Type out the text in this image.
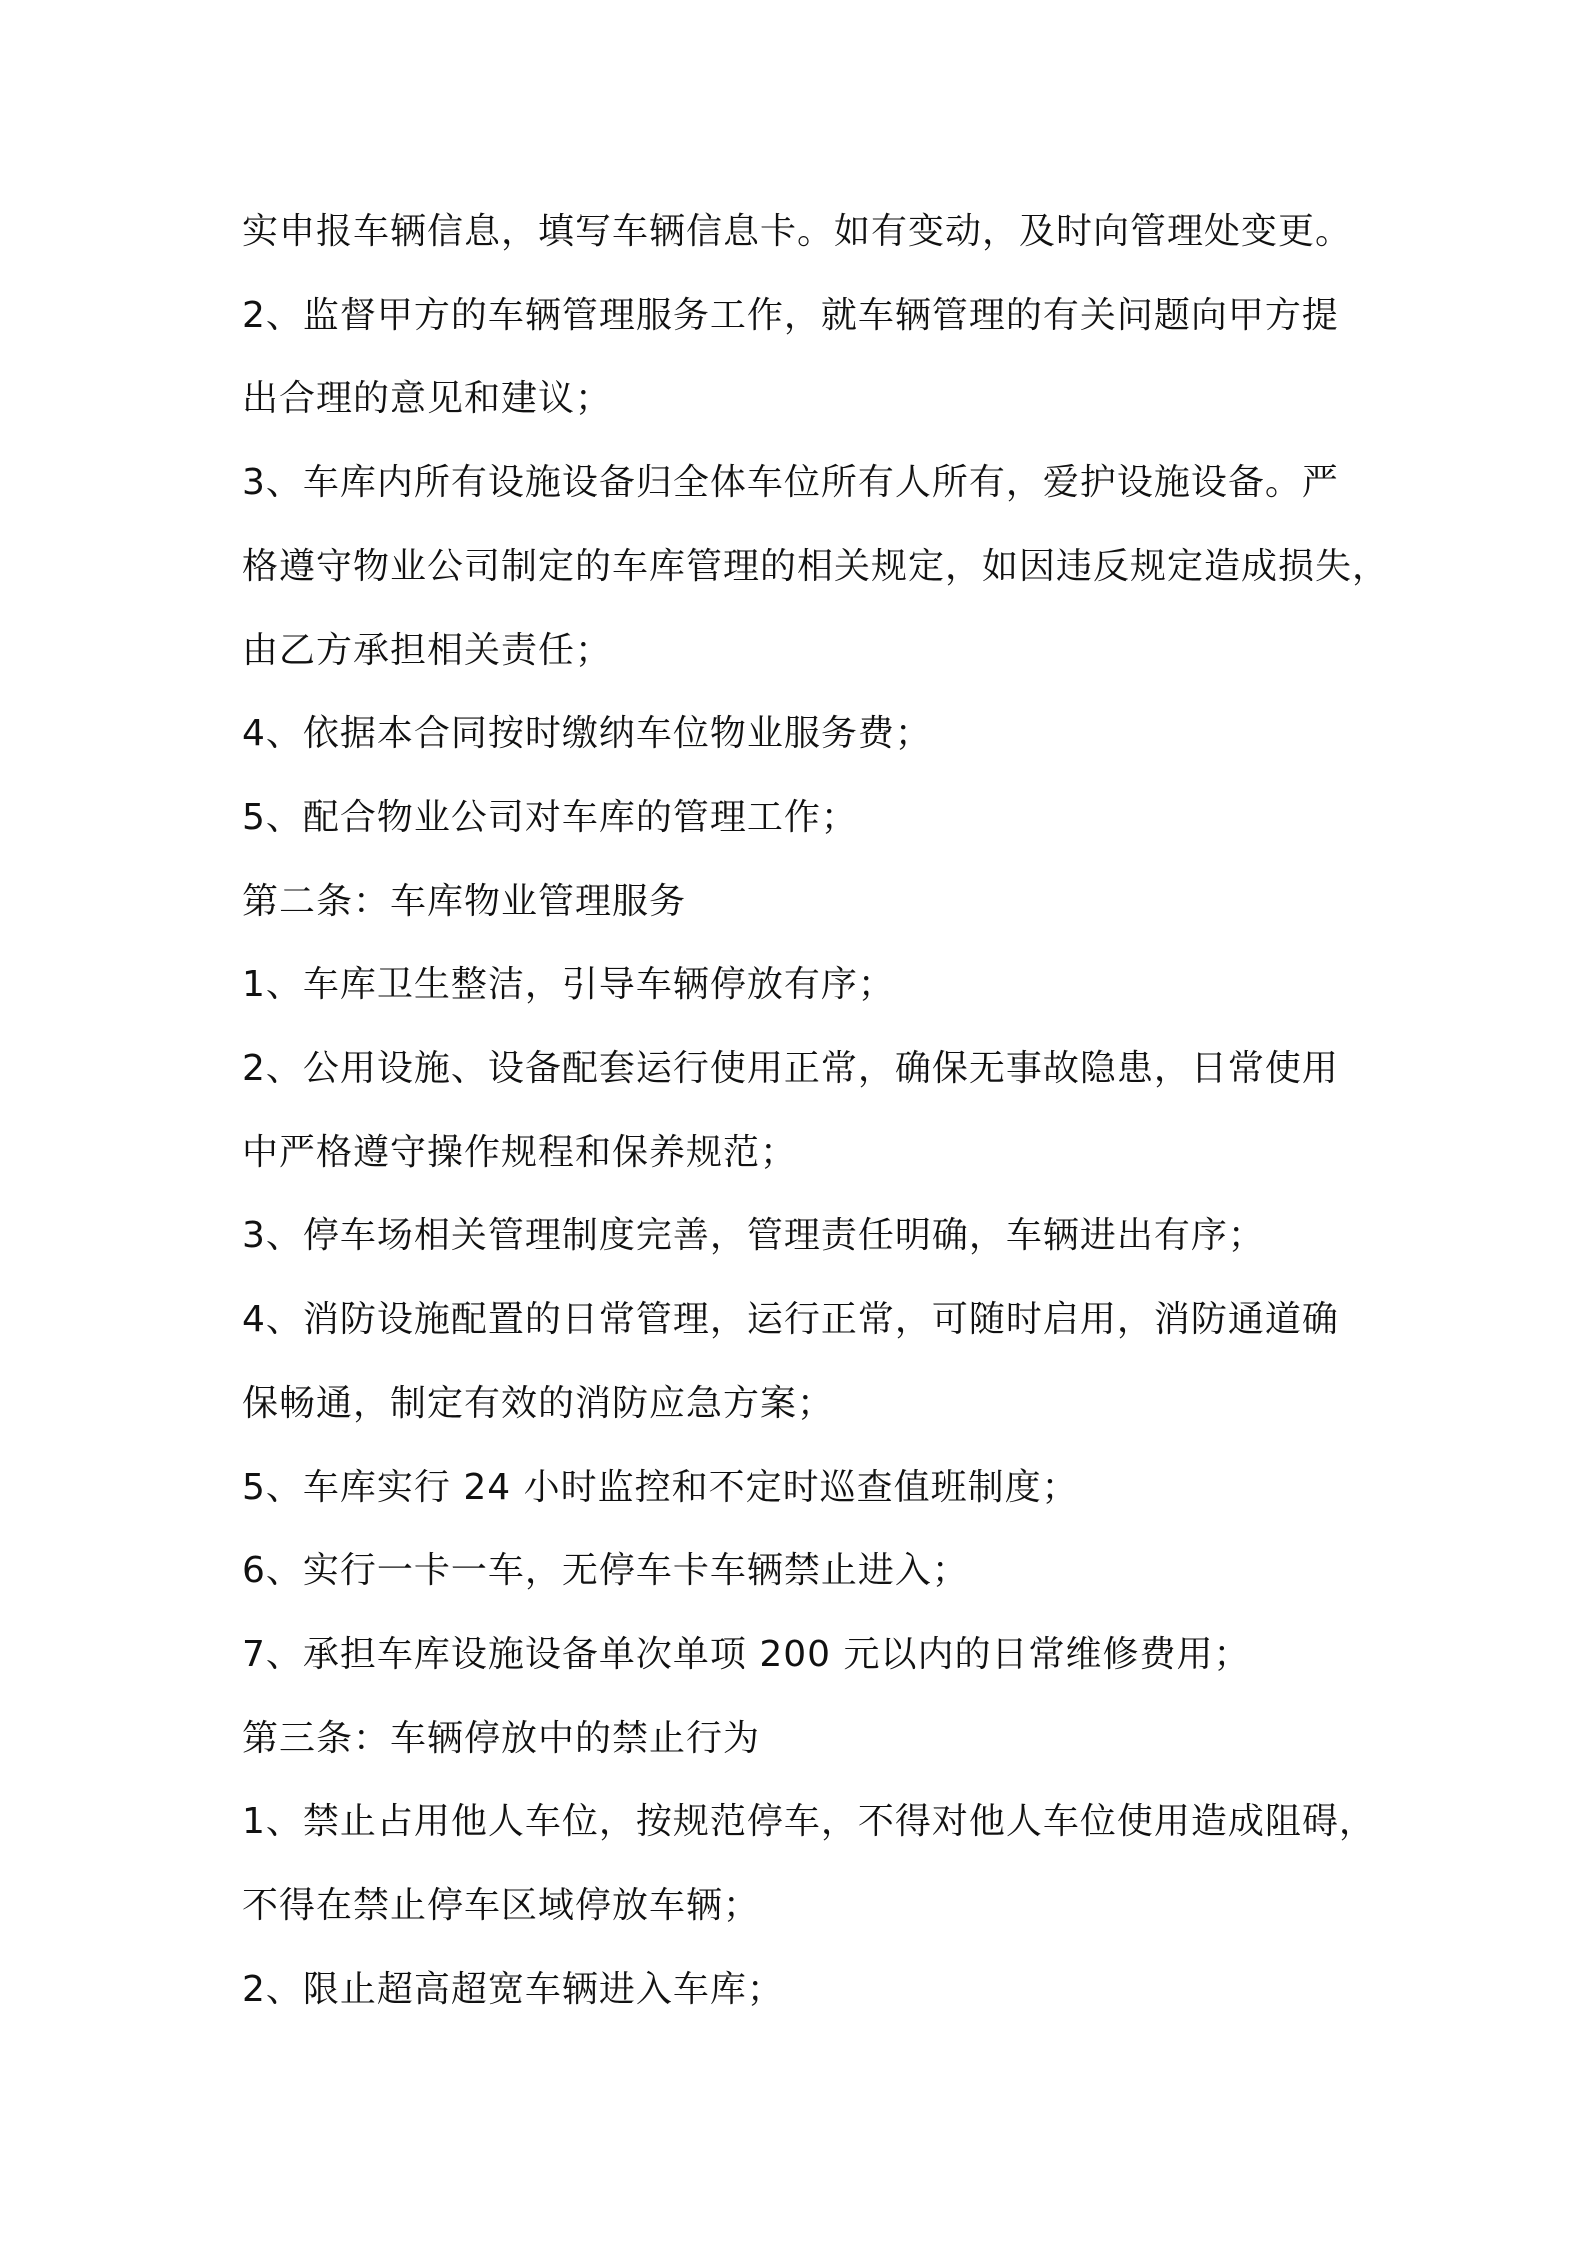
实申报车辆信息，填写车辆信息卡。如有变动，及时向管理处变更。

2、监督甲方的车辆管理服务工作，就车辆管理的有关问题向甲方提

出合理的意见和建议；

3、车库内所有设施设备归全体车位所有人所有，爱护设施设备。严

格遵守物业公司制定的车库管理的相关规定，如因违反规定造成损失，

由乙方承担相关责任；

4、依据本合同按时缴纳车位物业服务费；

5、配合物业公司对车库的管理工作；

第二条：车库物业管理服务

1、车库卫生整洁，引导车辆停放有序；

2、公用设施、设备配套运行使用正常，确保无事故隐患，日常使用

中严格遵守操作规程和保养规范；

3、停车场相关管理制度完善，管理责任明确，车辆进出有序；

4、消防设施配置的日常管理，运行正常，可随时启用，消防通道确

保畅通，制定有效的消防应急方案；

5、车库实行 24 小时监控和不定时巡查值班制度；

6、实行一卡一车，无停车卡车辆禁止进入；

7、承担车库设施设备单次单项 200 元以内的日常维修费用；

第三条：车辆停放中的禁止行为

1、禁止占用他人车位，按规范停车，不得对他人车位使用造成阻碍，

不得在禁止停车区域停放车辆；

2、限止超高超宽车辆进入车库；
